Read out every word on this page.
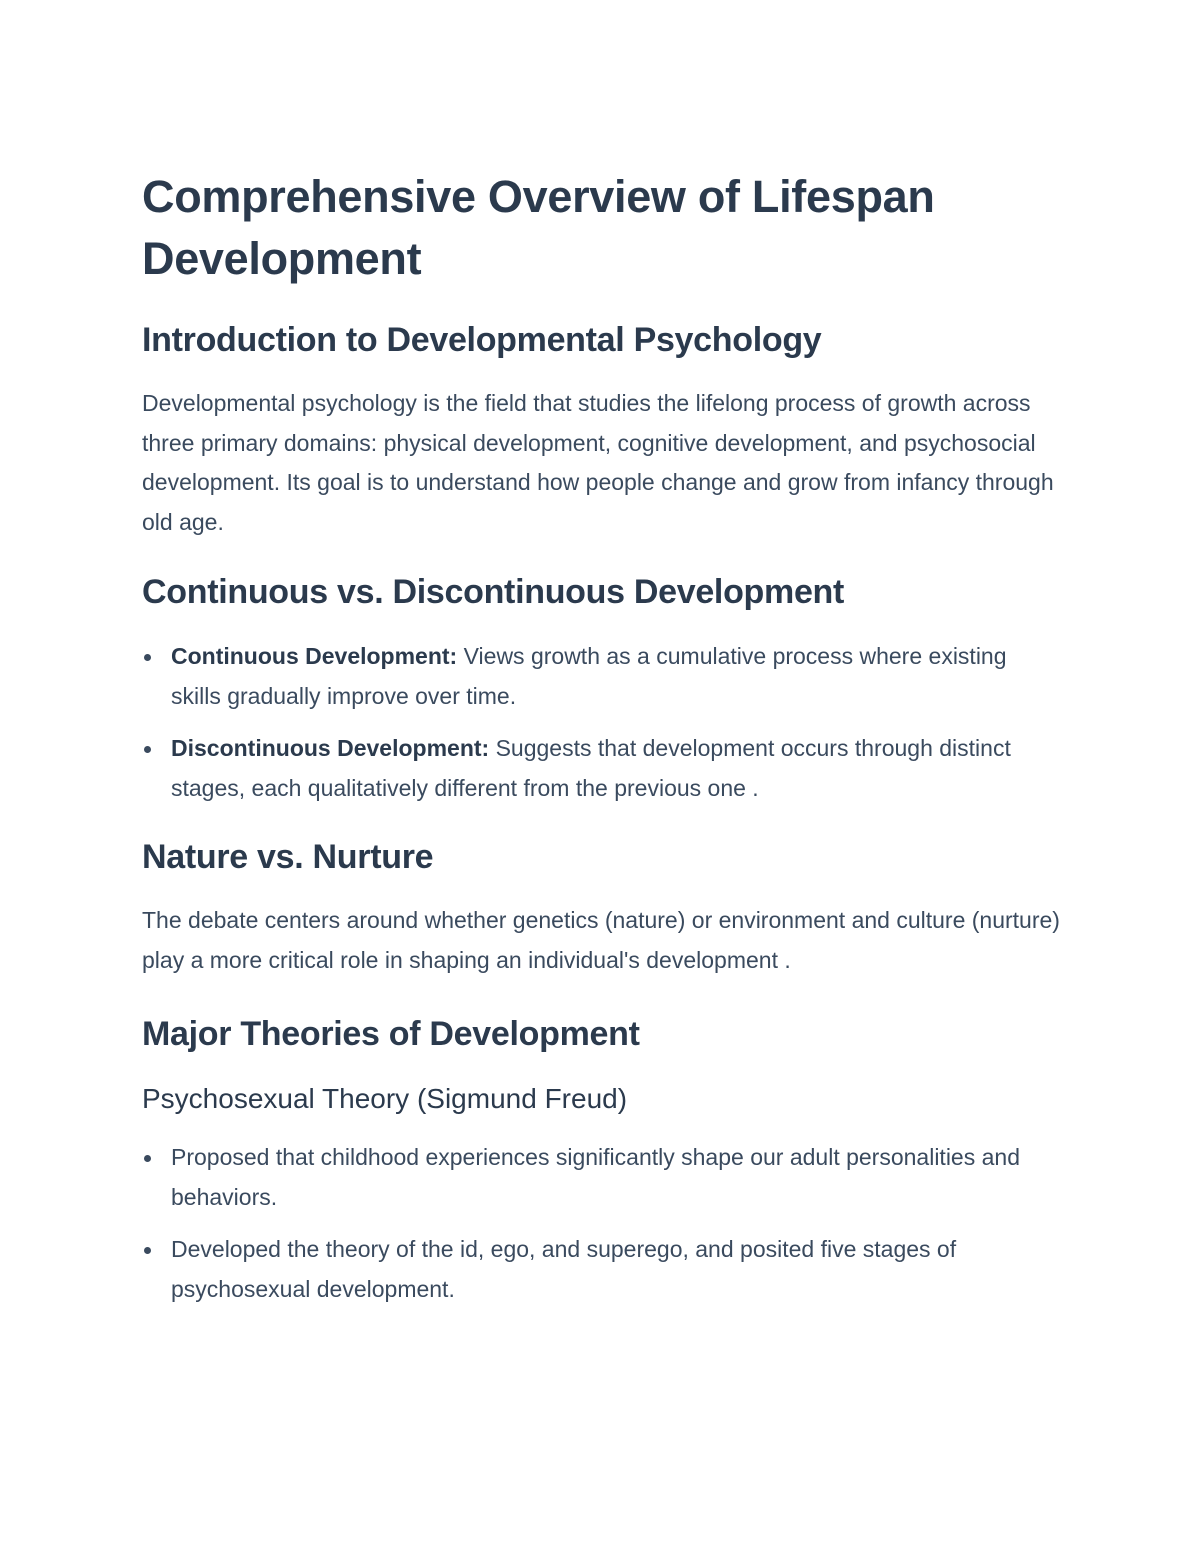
Comprehensive Overview of Lifespan Development
Introduction to Developmental Psychology

Developmental psychology is the field that studies the lifelong process of growth across three primary domains: physical development, cognitive development, and psychosocial development. Its goal is to understand how people change and grow from infancy through old age.

Continuous vs. Discontinuous Development
Continuous Development: Views growth as a cumulative process where existing skills gradually improve over time.
Discontinuous Development: Suggests that development occurs through distinct stages, each qualitatively different from the previous one .
Nature vs. Nurture

The debate centers around whether genetics (nature) or environment and culture (nurture) play a more critical role in shaping an individual's development .

Major Theories of Development
Psychosexual Theory (Sigmund Freud)
Proposed that childhood experiences significantly shape our adult personalities and behaviors.
Developed the theory of the id, ego, and superego, and posited five stages of psychosexual development.
